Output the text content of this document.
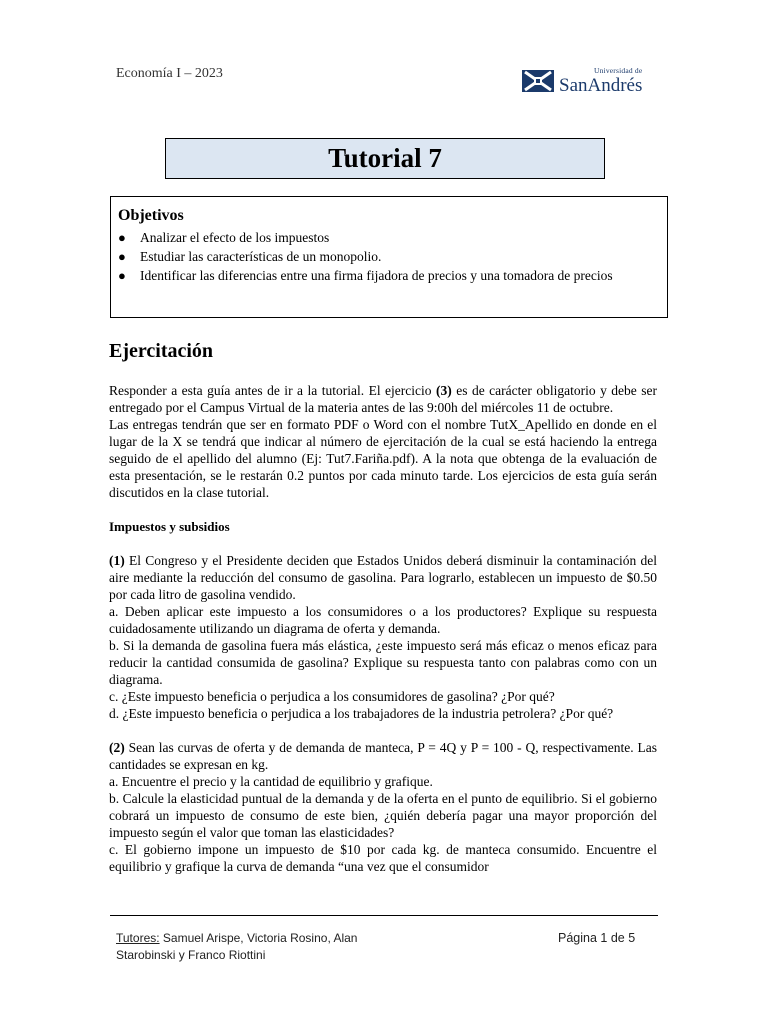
Economía I – 2023	Universidad de
SanAndrés
Tutorial 7
Objetivos
● Analizar el efecto de los impuestos
● Estudiar las características de un monopolio.
● Identificar las diferencias entre una firma fijadora de precios y una tomadora de precios
Ejercitación

Responder a esta guía antes de ir a la tutorial. El ejercicio (3) es de carácter obligatorio y debe ser entregado por el Campus Virtual de la materia antes de las 9:00h del miércoles 11 de octubre.

Las entregas tendrán que ser en formato PDF o Word con el nombre TutX_Apellido en donde en el lugar de la X se tendrá que indicar al número de ejercitación de la cual se está haciendo la entrega seguido de el apellido del alumno (Ej: Tut7.Fariña.pdf). A la nota que obtenga de la evaluación de esta presentación, se le restarán 0.2 puntos por cada minuto tarde. Los ejercicios de esta guía serán discutidos en la clase tutorial.

Impuestos y subsidios

(1) El Congreso y el Presidente deciden que Estados Unidos deberá disminuir la contaminación del aire mediante la reducción del consumo de gasolina. Para lograrlo, establecen un impuesto de $0.50 por cada litro de gasolina vendido.

a. Deben aplicar este impuesto a los consumidores o a los productores? Explique su respuesta cuidadosamente utilizando un diagrama de oferta y demanda.

b. Si la demanda de gasolina fuera más elástica, ¿este impuesto será más eficaz o menos eficaz para reducir la cantidad consumida de gasolina? Explique su respuesta tanto con palabras como con un diagrama.

c. ¿Este impuesto beneficia o perjudica a los consumidores de gasolina? ¿Por qué?

d. ¿Este impuesto beneficia o perjudica a los trabajadores de la industria petrolera? ¿Por qué?

(2) Sean las curvas de oferta y de demanda de manteca, P = 4Q y P = 100 - Q, respectivamente. Las cantidades se expresan en kg.

a. Encuentre el precio y la cantidad de equilibrio y grafique.

b. Calcule la elasticidad puntual de la demanda y de la oferta en el punto de equilibrio. Si el gobierno cobrará un impuesto de consumo de este bien, ¿quién debería pagar una mayor proporción del impuesto según el valor que toman las elasticidades?

c. El gobierno impone un impuesto de $10 por cada kg. de manteca consumido. Encuentre el equilibrio y grafique la curva de demanda “una vez que el consumidor

Tutores: Samuel Arispe, Victoria Rosino, Alan Starobinski y Franco Riottini
Página 1 de 5
